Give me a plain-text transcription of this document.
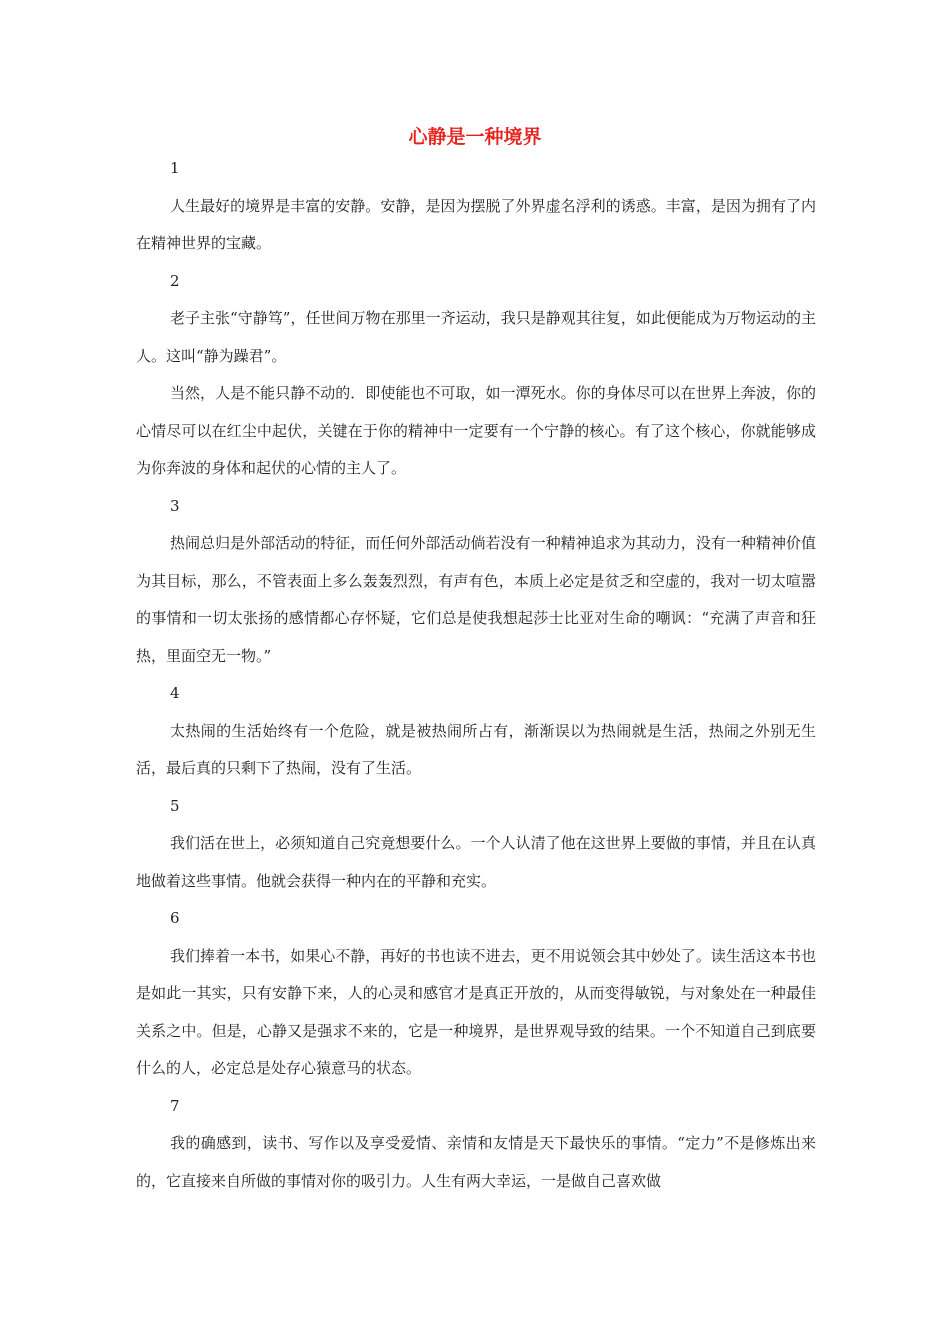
心静是一种境界

1

人生最好的境界是丰富的安静。安静，是因为摆脱了外界虚名浮利的诱惑。丰富，是因为拥有了内在精神世界的宝藏。

2

老子主张“守静笃”，任世间万物在那里一齐运动，我只是静观其往复，如此便能成为万物运动的主人。这叫“静为躁君”。

当然，人是不能只静不动的．即使能也不可取，如一潭死水。你的身体尽可以在世界上奔波，你的心情尽可以在红尘中起伏，关键在于你的精神中一定要有一个宁静的核心。有了这个核心，你就能够成为你奔波的身体和起伏的心情的主人了。

3

热闹总归是外部活动的特征，而任何外部活动倘若没有一种精神追求为其动力，没有一种精神价值为其目标，那么，不管表面上多么轰轰烈烈，有声有色，本质上必定是贫乏和空虚的，我对一切太喧嚣的事情和一切太张扬的感情都心存怀疑，它们总是使我想起莎士比亚对生命的嘲讽：“充满了声音和狂热，里面空无一物。”

4

太热闹的生活始终有一个危险，就是被热闹所占有，渐渐误以为热闹就是生活，热闹之外别无生活，最后真的只剩下了热闹，没有了生活。

5

我们活在世上，必须知道自己究竟想要什么。一个人认清了他在这世界上要做的事情，并且在认真地做着这些事情。他就会获得一种内在的平静和充实。

6

我们捧着一本书，如果心不静，再好的书也读不进去，更不用说领会其中妙处了。读生活这本书也是如此一其实，只有安静下来，人的心灵和感官才是真正开放的，从而变得敏锐，与对象处在一种最佳关系之中。但是，心静又是强求不来的，它是一种境界，是世界观导致的结果。一个不知道自己到底要什么的人，必定总是处存心猿意马的状态。

7

我的确感到，读书、写作以及享受爱情、亲情和友情是天下最快乐的事情。“定力”不是修炼出来的，它直接来自所做的事情对你的吸引力。人生有两大幸运，一是做自己喜欢做
